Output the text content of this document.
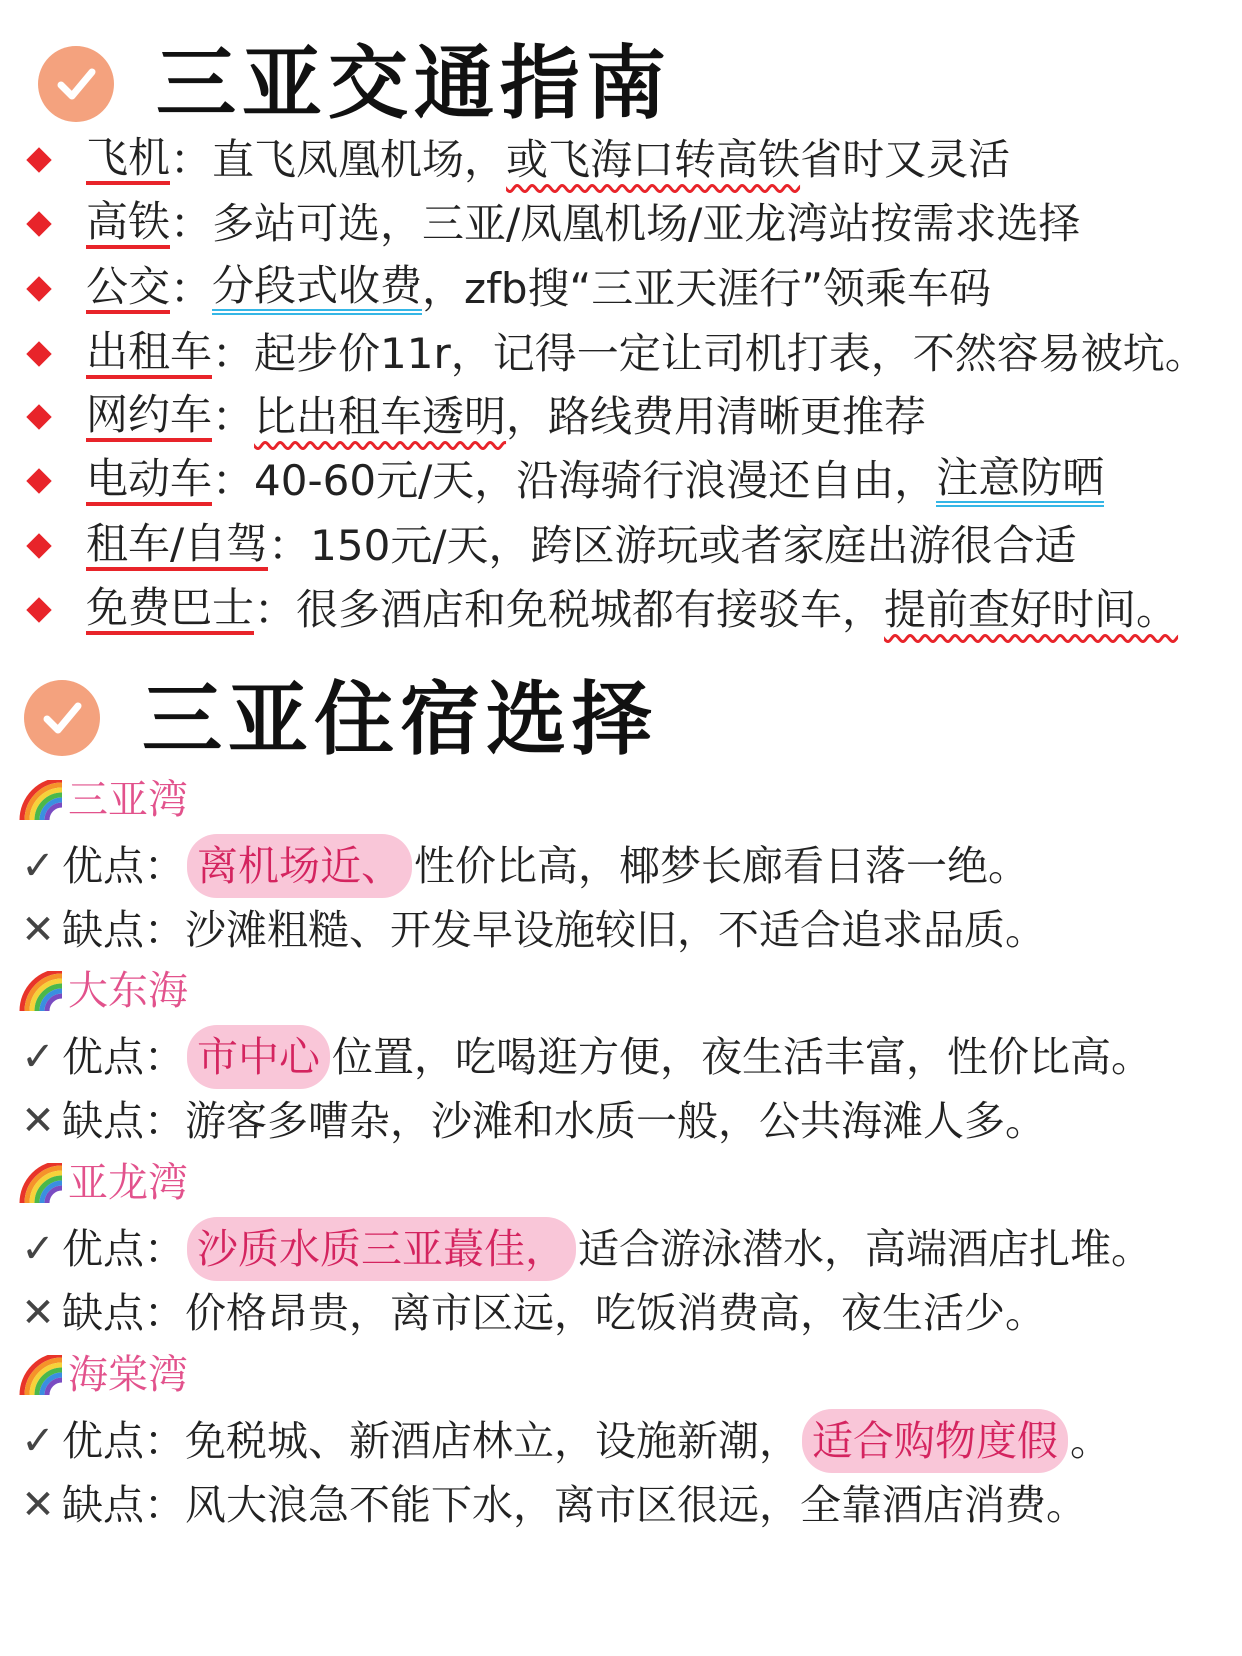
三亚交通指南
飞机 ： 直飞凤凰机场， 或飞海口转高铁 省时又灵活
高铁 ： 多站可选，三亚/凤凰机场/亚龙湾站按需求选择
公交 ： 分段式收费 ，zfb搜“三亚天涯行”领乘车码
出租车 ： 起步价11r，记得一定让司机打表，不然容易被坑。
网约车 ： 比出租车透明 ，路线费用清晰更推荐
电动车 ： 40-60元/天，沿海骑行浪漫还自由， 注意防晒
租车/自驾 ： 150元/天，跨区游玩或者家庭出游很合适
免费巴士 ： 很多酒店和免税城都有接驳车， 提前查好时间。
三亚住宿选择
三亚湾
✓ 优点： 离机场近、 性价比高，椰梦长廊看日落一绝。
✕ 缺点： 沙滩粗糙、开发早设施较旧，不适合追求品质。
大东海
✓ 优点： 市中心 位置，吃喝逛方便，夜生活丰富，性价比高。
✕ 缺点： 游客多嘈杂，沙滩和水质一般，公共海滩人多。
亚龙湾
✓ 优点： 沙质水质三亚蕞佳， 适合游泳潜水，高端酒店扎堆。
✕ 缺点： 价格昂贵，离市区远，吃饭消费高，夜生活少。
海棠湾
✓ 优点： 免税城、新酒店林立，设施新潮， 适合购物度假 。
✕ 缺点： 风大浪急不能下水，离市区很远，全靠酒店消费。
